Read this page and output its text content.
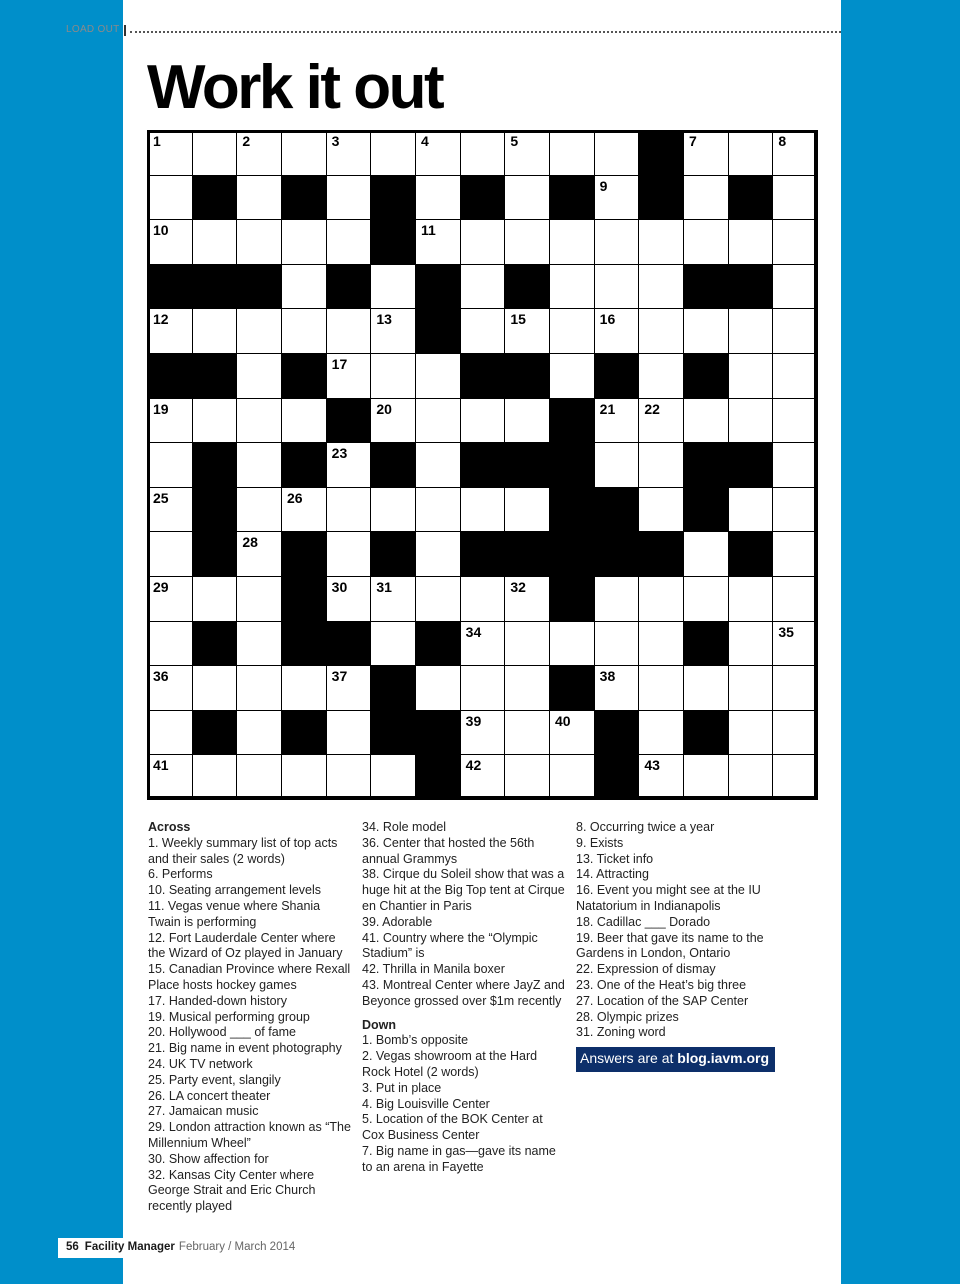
LOAD OUT
Work it out
1	2	3	4	5	7	8
9
10	11
12	13	15	16
17
19	20	21 22
23
25	26
28
29	30 31	32
34	35
36	37	38
39	40
41	42	43
Across
1. Weekly summary list of top acts and their sales (2 words)
6. Performs
10. Seating arrangement levels
11. Vegas venue where Shania Twain is performing
12. Fort Lauderdale Center where the Wizard of Oz played in January
15. Canadian Province where Rexall Place hosts hockey games
17. Handed-down history
19. Musical performing group
20. Hollywood ___ of fame
21. Big name in event photography
24. UK TV network
25. Party event, slangily
26. LA concert theater
27. Jamaican music
29. London attraction known as “The Millennium Wheel”
30. Show affection for
32. Kansas City Center where George Strait and Eric Church recently played
34. Role model
36. Center that hosted the 56th annual Grammys
38. Cirque du Soleil show that was a huge hit at the Big Top tent at Cirque en Chantier in Paris
39. Adorable
41. Country where the “Olympic Stadium” is
42. Thrilla in Manila boxer
43. Montreal Center where JayZ and Beyonce grossed over $1m recently
Down
1. Bomb’s opposite
2. Vegas showroom at the Hard Rock Hotel (2 words)
3. Put in place
4. Big Louisville Center
5. Location of the BOK Center at Cox Business Center
7. Big name in gas—gave its name to an arena in Fayette
8. Occurring twice a year
9. Exists
13. Ticket info
14. Attracting
16. Event you might see at the IU Natatorium in Indianapolis
18. Cadillac ___ Dorado
19. Beer that gave its name to the Gardens in London, Ontario
22. Expression of dismay
23. One of the Heat’s big three
27. Location of the SAP Center
28. Olympic prizes
31. Zoning word
Answers are at blog.iavm.org
56 Facility Manager February / March 2014
